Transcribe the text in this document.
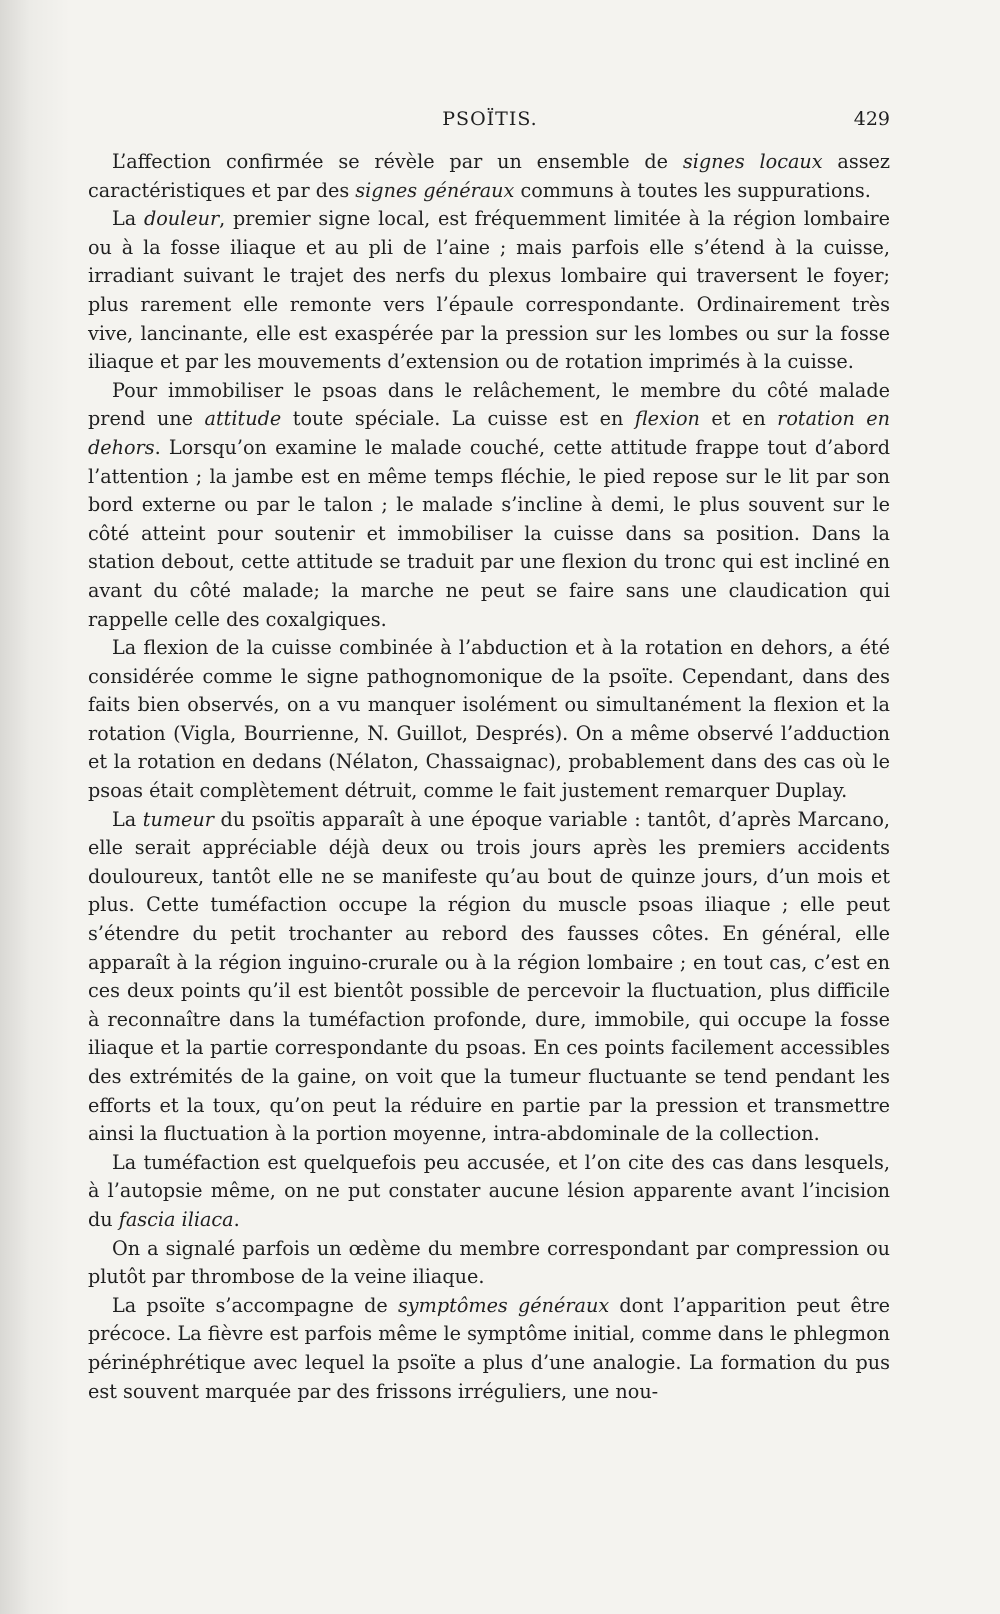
PSOÏTIS.	429

L’affection confirmée se révèle par un ensemble de signes locaux assez caractéristiques et par des signes généraux communs à toutes les suppurations.

La douleur, premier signe local, est fréquemment limitée à la région lombaire ou à la fosse iliaque et au pli de l’aine ; mais parfois elle s’étend à la cuisse, irradiant suivant le trajet des nerfs du plexus lombaire qui traversent le foyer; plus rarement elle remonte vers l’épaule correspondante. Ordinairement très vive, lancinante, elle est exaspérée par la pression sur les lombes ou sur la fosse iliaque et par les mouvements d’extension ou de rotation imprimés à la cuisse.

Pour immobiliser le psoas dans le relâchement, le membre du côté malade prend une attitude toute spéciale. La cuisse est en flexion et en rotation en dehors. Lorsqu’on examine le malade couché, cette attitude frappe tout d’abord l’attention ; la jambe est en même temps fléchie, le pied repose sur le lit par son bord externe ou par le talon ; le malade s’incline à demi, le plus souvent sur le côté atteint pour soutenir et immobiliser la cuisse dans sa position. Dans la station debout, cette attitude se traduit par une flexion du tronc qui est incliné en avant du côté malade; la marche ne peut se faire sans une claudication qui rappelle celle des coxalgiques.

La flexion de la cuisse combinée à l’abduction et à la rotation en dehors, a été considérée comme le signe pathognomonique de la psoïte. Cependant, dans des faits bien observés, on a vu manquer isolément ou simultanément la flexion et la rotation (Vigla, Bourrienne, N. Guillot, Després). On a même observé l’adduction et la rotation en dedans (Nélaton, Chassaignac), probablement dans des cas où le psoas était complètement détruit, comme le fait justement remarquer Duplay.

La tumeur du psoïtis apparaît à une époque variable : tantôt, d’après Marcano, elle serait appréciable déjà deux ou trois jours après les premiers accidents douloureux, tantôt elle ne se manifeste qu’au bout de quinze jours, d’un mois et plus. Cette tuméfaction occupe la région du muscle psoas iliaque ; elle peut s’étendre du petit trochanter au rebord des fausses côtes. En général, elle apparaît à la région inguino-crurale ou à la région lombaire ; en tout cas, c’est en ces deux points qu’il est bientôt possible de percevoir la fluctuation, plus difficile à reconnaître dans la tuméfaction profonde, dure, immobile, qui occupe la fosse iliaque et la partie correspondante du psoas. En ces points facilement accessibles des extrémités de la gaine, on voit que la tumeur fluctuante se tend pendant les efforts et la toux, qu’on peut la réduire en partie par la pression et transmettre ainsi la fluctuation à la portion moyenne, intra-abdominale de la collection.

La tuméfaction est quelquefois peu accusée, et l’on cite des cas dans lesquels, à l’autopsie même, on ne put constater aucune lésion apparente avant l’incision du fascia iliaca.

On a signalé parfois un œdème du membre correspondant par compression ou plutôt par thrombose de la veine iliaque.

La psoïte s’accompagne de symptômes généraux dont l’apparition peut être précoce. La fièvre est parfois même le symptôme initial, comme dans le phlegmon périnéphrétique avec lequel la psoïte a plus d’une analogie. La formation du pus est souvent marquée par des frissons irréguliers, une nou-
